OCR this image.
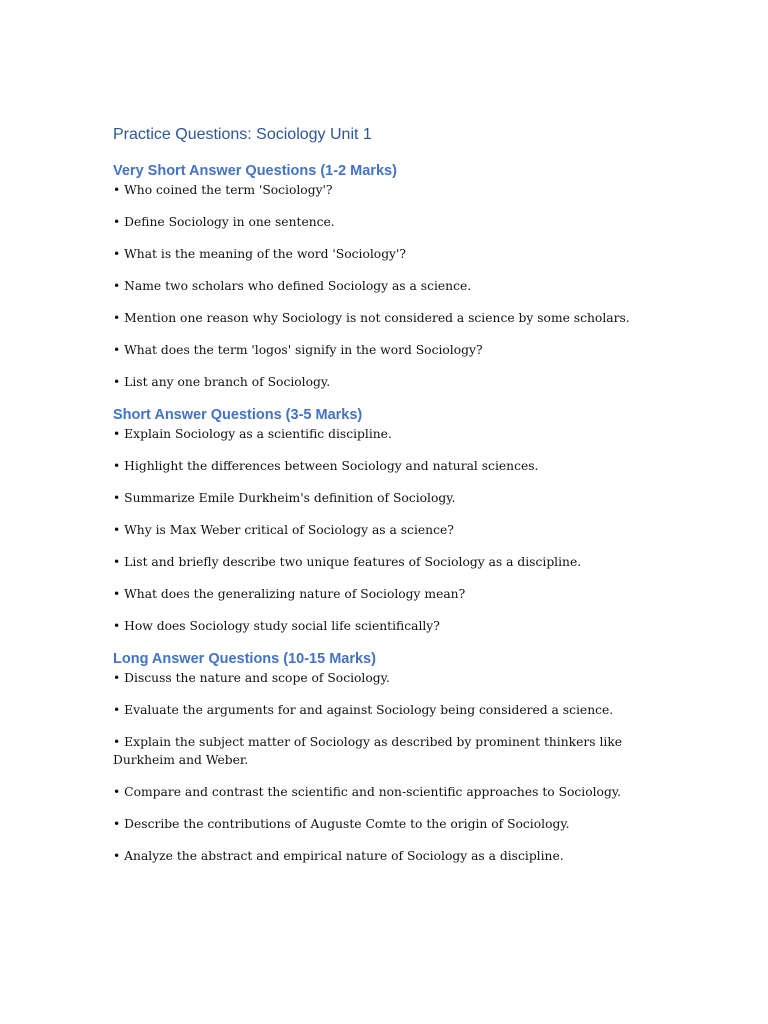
Practice Questions: Sociology Unit 1
Very Short Answer Questions (1-2 Marks)
• Who coined the term 'Sociology'?
• Define Sociology in one sentence.
• What is the meaning of the word 'Sociology'?
• Name two scholars who defined Sociology as a science.
• Mention one reason why Sociology is not considered a science by some scholars.
• What does the term 'logos' signify in the word Sociology?
• List any one branch of Sociology.
Short Answer Questions (3-5 Marks)
• Explain Sociology as a scientific discipline.
• Highlight the differences between Sociology and natural sciences.
• Summarize Emile Durkheim's definition of Sociology.
• Why is Max Weber critical of Sociology as a science?
• List and briefly describe two unique features of Sociology as a discipline.
• What does the generalizing nature of Sociology mean?
• How does Sociology study social life scientifically?
Long Answer Questions (10-15 Marks)
• Discuss the nature and scope of Sociology.
• Evaluate the arguments for and against Sociology being considered a science.
• Explain the subject matter of Sociology as described by prominent thinkers like Durkheim and Weber.
• Compare and contrast the scientific and non-scientific approaches to Sociology.
• Describe the contributions of Auguste Comte to the origin of Sociology.
• Analyze the abstract and empirical nature of Sociology as a discipline.
